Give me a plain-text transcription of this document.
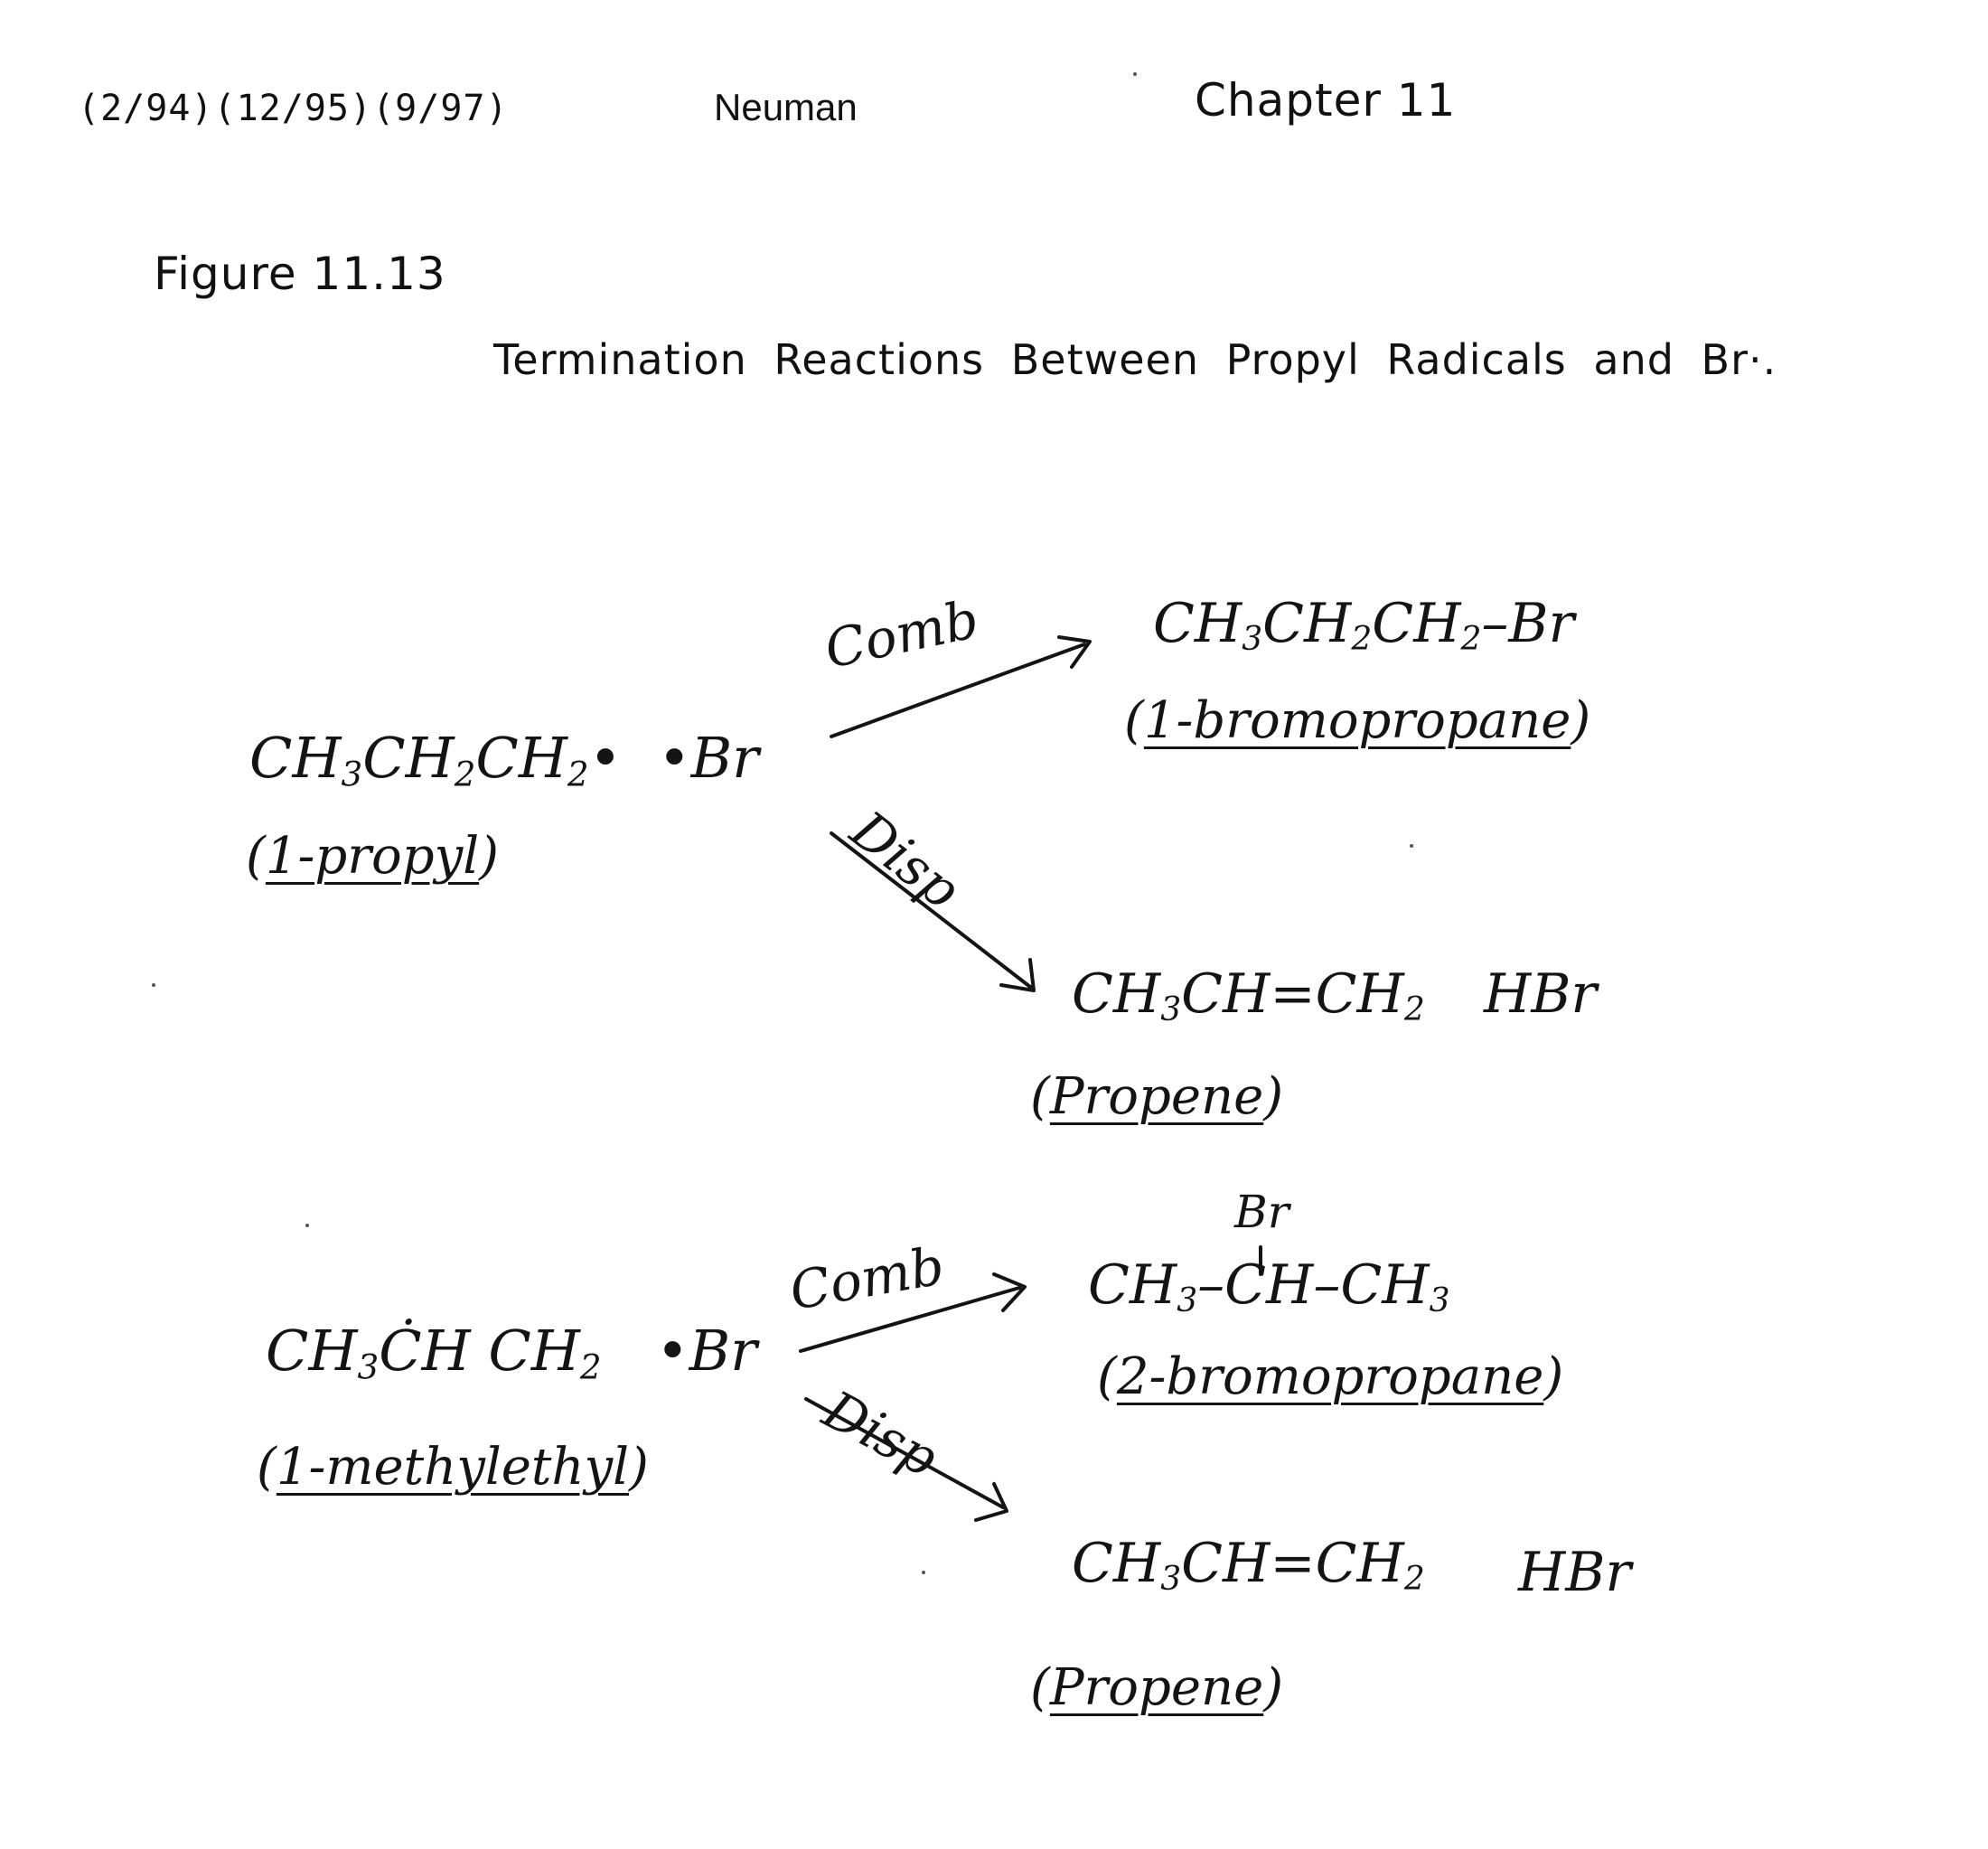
(2/94)(12/95)(9/97)	Neuman	Chapter 11
Figure 11.13
Termination Reactions Between Propyl Radicals and Br·.
$CH_3CH_2CH_2•$ •Br
(1-propyl)
Comb	$CH_3CH_2CH_2-Br$
(1-bromopropane)
Disp
$CH_3CH=CH_2$ HBr
(Propene)
$CH_3ĊH$ $CH_2$ •Br
(1-methylethyl)
Comb
Br
$CH_3-CH-CH_3$
(2-bromopropane)
Disp
$CH_3CH=CH_2$ HBr
(Propene)
